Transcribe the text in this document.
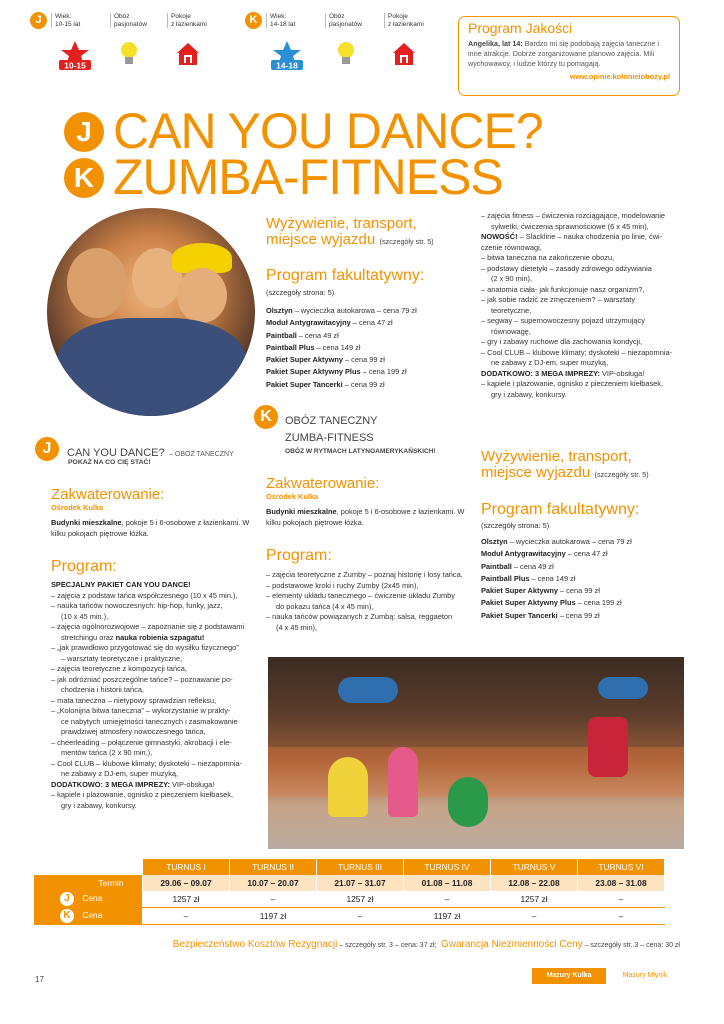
J	Wiek:
10-15 lat
Obóz
pasjonatów
Pokoje
z łazienkami
10-15
K	Wiek:
14-18 lat
Obóz
pasjonatów
Pokoje
z łazienkami
14-18
Program Jakości
Angelika, lat 14: Bardzo mi się podobają zajęcia taneczne i inne atrakcje. Dobrze zorganizowane planowo zajęcia. Mili wychowawcy, i ludzie którzy tu pomagają.
www.opinie.kolonieiobozy.pl
J CAN YOU DANCE?
K ZUMBA-FITNESS
J	CAN YOU DANCE? – OBÓZ TANECZNY
POKAŻ NA CO CIĘ STAĆ!
Zakwaterowanie:
Ośrodek Kulka
Budynki mieszkalne, pokoje 5 i 6-osobowe z łazienkami. W kilku pokojach piętrowe łóżka.
Program:
SPECJALNY PAKIET CAN YOU DANCE!
– zajęcia z podstaw tańca współczesnego (10 x 45 min.),
– nauka tańców nowoczesnych: hip-hop, funky, jazz,
(10 x 45 min.),
– zajęcia ogólnorozwojowe – zapoznanie się z podstawami
stretchingu oraz nauka robienia szpagatu!
– „jak prawidłowo przygotować się do wysiłku fizycznego”
– warsztaty teoretyczne i praktyczne,
– zajęcia teoretyczne z kompozycji tańca,
– jak odróżniać poszczególne tańce? – poznawanie po-
chodzenia i historii tańca,
– mata taneczna – nietypowy sprawdzian refleksu,
– „Kolonijna bitwa taneczna” – wykorzystanie w prakty-
ce nabytych umiejętności tanecznych i zasmakowanie
prawdziwej atmosfery nowoczesnego tańca,
– cheerleading – połączenie gimnastyki, akrobacji i ele-
mentów tańca (2 x 90 min.),
– Cool CLUB – klubowe klimaty; dyskoteki – niezapomnia-
ne zabawy z DJ-em, super muzyką,
DODATKOWO: 3 MEGA IMPREZY: VIP-obsługa!
– kąpiele i plażowanie, ognisko z pieczeniem kiełbasek,
gry i zabawy, konkursy.
Wyżywienie, transport,
miejsce wyjazdu (szczegóły str. 5)
Program fakultatywny:
(szczegóły strona: 5)
Olsztyn – wycieczka autokarowa – cena 79 zł
Moduł Antygrawitacyjny – cena 47 zł
Paintball – cena 49 zł
Paintball Plus – cena 149 zł
Pakiet Super Aktywny – cena 99 zł
Pakiet Super Aktywny Plus – cena 199 zł
Pakiet Super Tancerki – cena 99 zł
K	OBÓZ TANECZNY
ZUMBA-FITNESS
OBÓZ W RYTMACH LATYNOAMERYKAŃSKICH!
Zakwaterowanie:
Ośrodek Kulka
Budynki mieszkalne, pokoje 5 i 6-osobowe z łazienkami. W kilku pokojach piętrowe łóżka.
Program:
– zajęcia teoretyczne z Zumby – poznaj historię i losy tańca,
– podstawowe kroki i ruchy Zumby (2x45 min),
– elementy układu tanecznego – ćwiczenie układu Zumby
do pokazu tańca (4 x 45 min),
– nauka tańców powiązanych z Zumbą: salsa, reggaeton
(4 x 45 min),
– zajęcia fitness – ćwiczenia rozciągające, modelowanie
sylwetki, ćwiczenia sprawnościowe (6 x 45 min),
NOWOŚĆ! – Slackline – nauka chodzenia po linie, ćwi-
czenie równowagi,
– bitwa taneczna na zakończenie obozu,
– podstawy dietetyki – zasady zdrowego odżywiania
(2 x 90 min),
– anatomia ciała- jak funkcjonuje nasz organizm?,
– jak sobie radzić ze zmęczeniem? – warsztaty
teoretyczne,
– segway – supernowoczesny pojazd utrzymujący
równowagę,
– gry i zabawy ruchowe dla zachowania kondycji,
– Cool CLUB – klubowe klimaty; dyskoteki – niezapomnia-
ne zabawy z DJ-em, super muzyką,
DODATKOWO: 3 MEGA IMPREZY: VIP-obsługa!
– kąpiele i plażowanie, ognisko z pieczeniem kiełbasek,
gry i zabawy, konkursy.
Wyżywienie, transport,
miejsce wyjazdu (szczegóły str. 5)
Program fakultatywny:
(szczegóły strona: 5)
Olsztyn – wycieczka autokarowa – cena 79 zł
Moduł Antygrawitacyjny – cena 47 zł
Paintball – cena 49 zł
Paintball Plus – cena 149 zł
Pakiet Super Aktywny – cena 99 zł
Pakiet Super Aktywny Plus – cena 199 zł
Pakiet Super Tancerki – cena 99 zł
	TURNUS I	TURNUS II	TURNUS III	TURNUS IV	TURNUS V	TURNUS VI
Termin	29.06 – 09.07	10.07 – 20.07	21.07 – 31.07	01.08 – 11.08	12.08 – 22.08	23.08 – 31.08
J Cena	1257 zł	–	1257 zł	–	1257 zł	–
K Cena	–	1197 zł	–	1197 zł	–	–
Bezpieczeństwo Kosztów Rezygnacji – szczegóły str. 3 – cena: 37 zł; Gwarancja Niezmienności Ceny – szczegóły str. 3 – cena: 30 zł
17	Mazury Kulka	Mazury Młynik
